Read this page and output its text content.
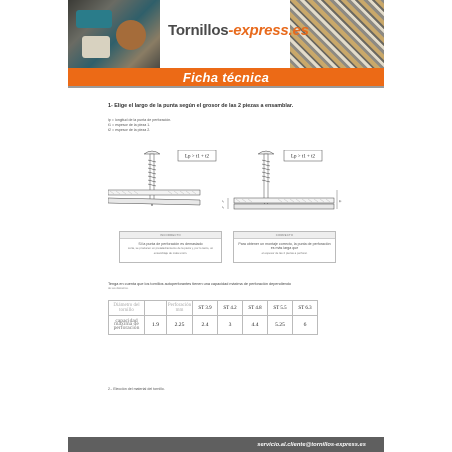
Tornillos-express.es
Ficha técnica
1- Elige el largo de la punta según el grosor de las 2 piezas a ensamblar.
lp = longitud de la punta de perforación.
t1 = espesor de la pieza 1.
t2 = espesor de la pieza 2.
Lp > t1 + t2	Lp > t1 + t2
t₁
t₂
lp
INCORRECTO
Si la punta de perforación es demasiado
corta, se producen un pretaladramiento de la pieza y, por lo tanto, un ensamblaje de mala unión.
CORRECTO
Para obtener un montaje correcto, la punta de perforación es más larga que
el espesor de las 2 piezas a perforar.
Tenga en cuenta que los tornillos autoperforantes tienen una capacidad máxima de perforación dependiendo
de sus diámetros.
Diámetro del tornillo		Perforación mm	ST 3.9	ST 4.2	ST 4.8	ST 5.5	ST 6.3
capacidad máxima de perforación	1.9	2.25	2.4	3	4.4	5.25	6
2.- Elección del material del tornillo.
servicio.al.cliente@tornillos-express.es
